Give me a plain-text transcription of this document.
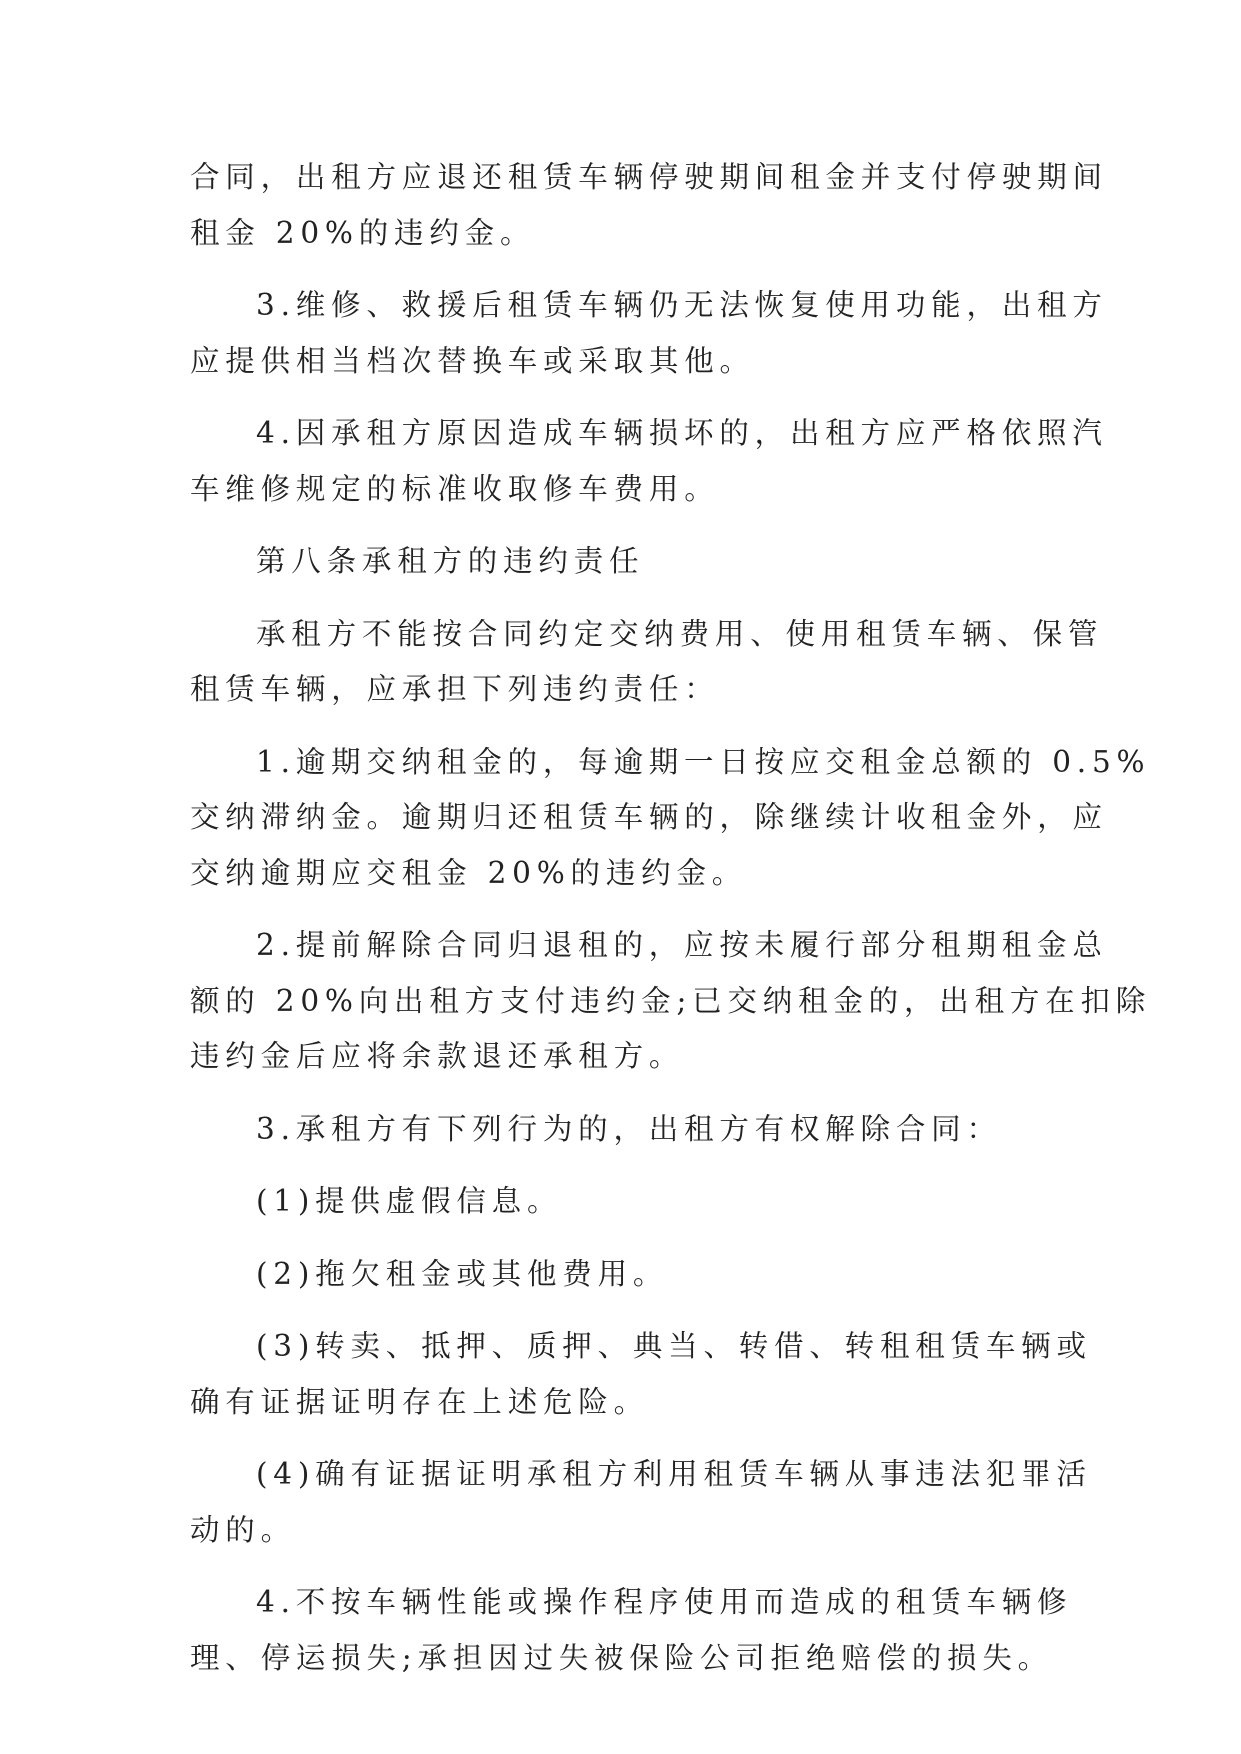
合同，出租方应退还租赁车辆停驶期间租金并支付停驶期间
租金 20%的违约金。
3.维修、救援后租赁车辆仍无法恢复使用功能，出租方
应提供相当档次替换车或采取其他。
4.因承租方原因造成车辆损坏的，出租方应严格依照汽
车维修规定的标准收取修车费用。
第八条承租方的违约责任
承租方不能按合同约定交纳费用、使用租赁车辆、保管
租赁车辆，应承担下列违约责任：
1.逾期交纳租金的，每逾期一日按应交租金总额的 0.5%
交纳滞纳金。逾期归还租赁车辆的，除继续计收租金外，应
交纳逾期应交租金 20%的违约金。
2.提前解除合同归退租的，应按未履行部分租期租金总
额的 20%向出租方支付违约金;已交纳租金的，出租方在扣除
违约金后应将余款退还承租方。
3.承租方有下列行为的，出租方有权解除合同：
(1)提供虚假信息。
(2)拖欠租金或其他费用。
(3)转卖、抵押、质押、典当、转借、转租租赁车辆或
确有证据证明存在上述危险。
(4)确有证据证明承租方利用租赁车辆从事违法犯罪活
动的。
4.不按车辆性能或操作程序使用而造成的租赁车辆修
理、停运损失;承担因过失被保险公司拒绝赔偿的损失。
